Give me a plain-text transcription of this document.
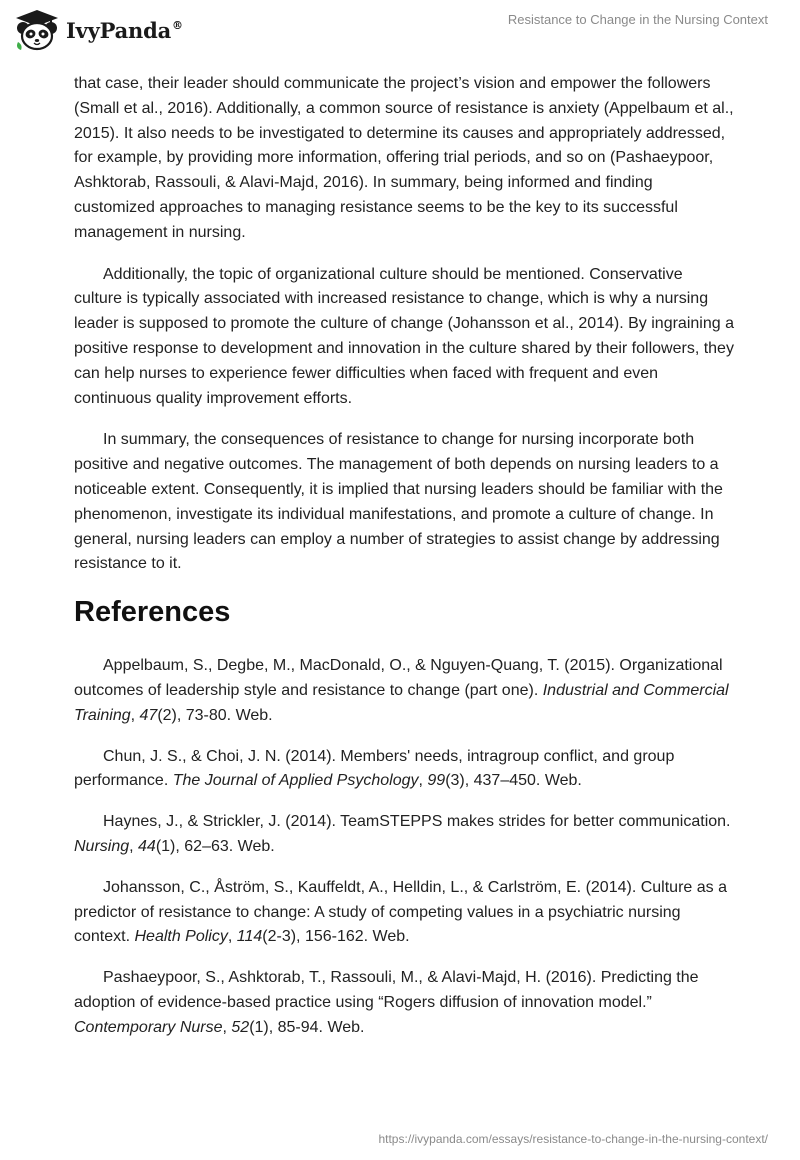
IvyPanda®	Resistance to Change in the Nursing Context

that case, their leader should communicate the project’s vision and empower the followers (Small et al., 2016). Additionally, a common source of resistance is anxiety (Appelbaum et al., 2015). It also needs to be investigated to determine its causes and appropriately addressed, for example, by providing more information, offering trial periods, and so on (Pashaeypoor, Ashktorab, Rassouli, & Alavi-Majd, 2016). In summary, being informed and finding customized approaches to managing resistance seems to be the key to its successful management in nursing.

Additionally, the topic of organizational culture should be mentioned. Conservative culture is typically associated with increased resistance to change, which is why a nursing leader is supposed to promote the culture of change (Johansson et al., 2014). By ingraining a positive response to development and innovation in the culture shared by their followers, they can help nurses to experience fewer difficulties when faced with frequent and even continuous quality improvement efforts.

In summary, the consequences of resistance to change for nursing incorporate both positive and negative outcomes. The management of both depends on nursing leaders to a noticeable extent. Consequently, it is implied that nursing leaders should be familiar with the phenomenon, investigate its individual manifestations, and promote a culture of change. In general, nursing leaders can employ a number of strategies to assist change by addressing resistance to it.

References

Appelbaum, S., Degbe, M., MacDonald, O., & Nguyen-Quang, T. (2015). Organizational outcomes of leadership style and resistance to change (part one). Industrial and Commercial Training, 47(2), 73-80. Web.

Chun, J. S., & Choi, J. N. (2014). Members' needs, intragroup conflict, and group performance. The Journal of Applied Psychology, 99(3), 437–450. Web.

Haynes, J., & Strickler, J. (2014). TeamSTEPPS makes strides for better communication. Nursing, 44(1), 62–63. Web.

Johansson, C., Åström, S., Kauffeldt, A., Helldin, L., & Carlström, E. (2014). Culture as a predictor of resistance to change: A study of competing values in a psychiatric nursing context. Health Policy, 114(2-3), 156-162. Web.

Pashaeypoor, S., Ashktorab, T., Rassouli, M., & Alavi-Majd, H. (2016). Predicting the adoption of evidence-based practice using “Rogers diffusion of innovation model.” Contemporary Nurse, 52(1), 85-94. Web.

https://ivypanda.com/essays/resistance-to-change-in-the-nursing-context/
